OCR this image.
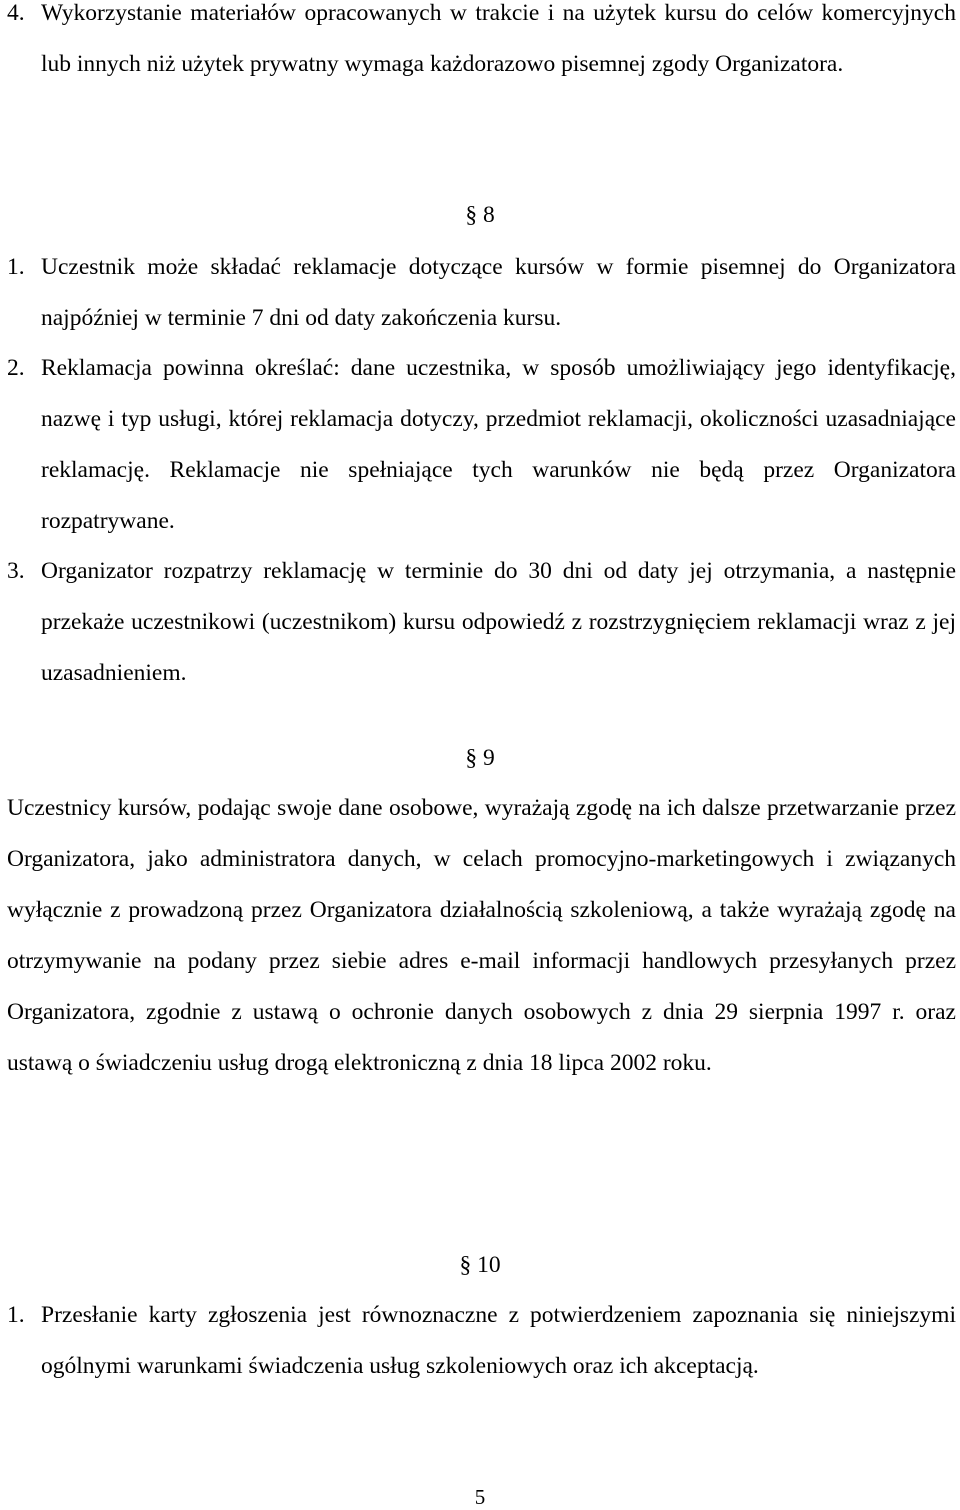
4. Wykorzystanie materiałów opracowanych w trakcie i na użytek kursu do celów komercyjnych lub innych niż użytek prywatny wymaga każdorazowo pisemnej zgody Organizatora.
§ 8
1. Uczestnik może składać reklamacje dotyczące kursów w formie pisemnej do Organizatora najpóźniej w terminie 7 dni od daty zakończenia kursu.
2. Reklamacja powinna określać: dane uczestnika, w sposób umożliwiający jego identyfikację, nazwę i typ usługi, której reklamacja dotyczy, przedmiot reklamacji, okoliczności uzasadniające reklamację. Reklamacje nie spełniające tych warunków nie będą przez Organizatora rozpatrywane.
3. Organizator rozpatrzy reklamację w terminie do 30 dni od daty jej otrzymania, a następnie przekaże uczestnikowi (uczestnikom) kursu odpowiedź z rozstrzygnięciem reklamacji wraz z jej uzasadnieniem.
§ 9
Uczestnicy kursów, podając swoje dane osobowe, wyrażają zgodę na ich dalsze przetwarzanie przez Organizatora, jako administratora danych, w celach promocyjno-marketingowych i związanych wyłącznie z prowadzoną przez Organizatora działalnością szkoleniową, a także wyrażają zgodę na otrzymywanie na podany przez siebie adres e-mail informacji handlowych przesyłanych przez Organizatora, zgodnie z ustawą o ochronie danych osobowych z dnia 29 sierpnia 1997 r. oraz ustawą o świadczeniu usług drogą elektroniczną z dnia 18 lipca 2002 roku.
§ 10
1. Przesłanie karty zgłoszenia jest równoznaczne z potwierdzeniem zapoznania się niniejszymi ogólnymi warunkami świadczenia usług szkoleniowych oraz ich akceptacją.
5
